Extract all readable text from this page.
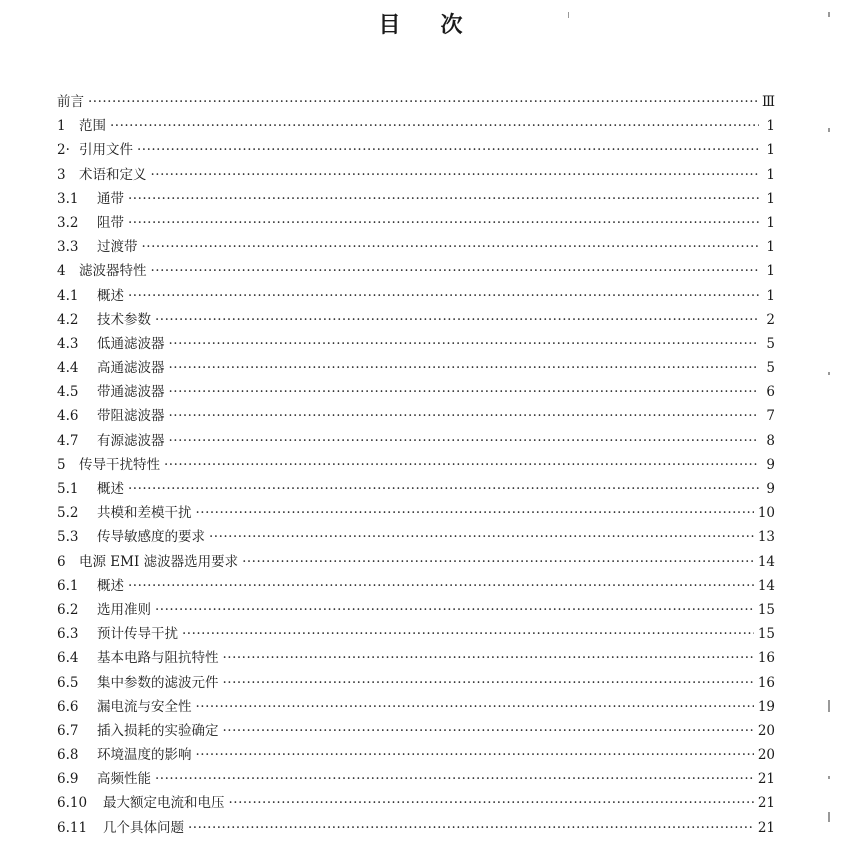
目 次
前言 ·····	Ⅲ
1 范围 ·····	1
2· 引用文件 ·····	1
3 术语和定义 ·····	1
3.1	通带 ·····	1
3.2	阻带 ·····	1
3.3	过渡带 ·····	1
4 滤波器特性 ·····	1
4.1	概述 ·····	1
4.2	技术参数 ·····	2
4.3	低通滤波器 ·····	5
4.4	高通滤波器 ·····	5
4.5	带通滤波器 ·····	6
4.6	带阻滤波器 ·····	7
4.7	有源滤波器 ·····	8
5 传导干扰特性 ·····	9
5.1	概述 ·····	9
5.2	共模和差模干扰 ·····	10
5.3	传导敏感度的要求 ·····	13
6 电源 EMI 滤波器选用要求 ·····	14
6.1	概述 ·····	14
6.2	选用准则 ·····	15
6.3	预计传导干扰 ·····	15
6.4	基本电路与阻抗特性 ·····	16
6.5	集中参数的滤波元件 ·····	16
6.6	漏电流与安全性 ·····	19
6.7	插入损耗的实验确定 ·····	20
6.8	环境温度的影响 ·····	20
6.9	高频性能 ·····	21
6.10	最大额定电流和电压 ·····	21
6.11	几个具体问题 ·····	21
